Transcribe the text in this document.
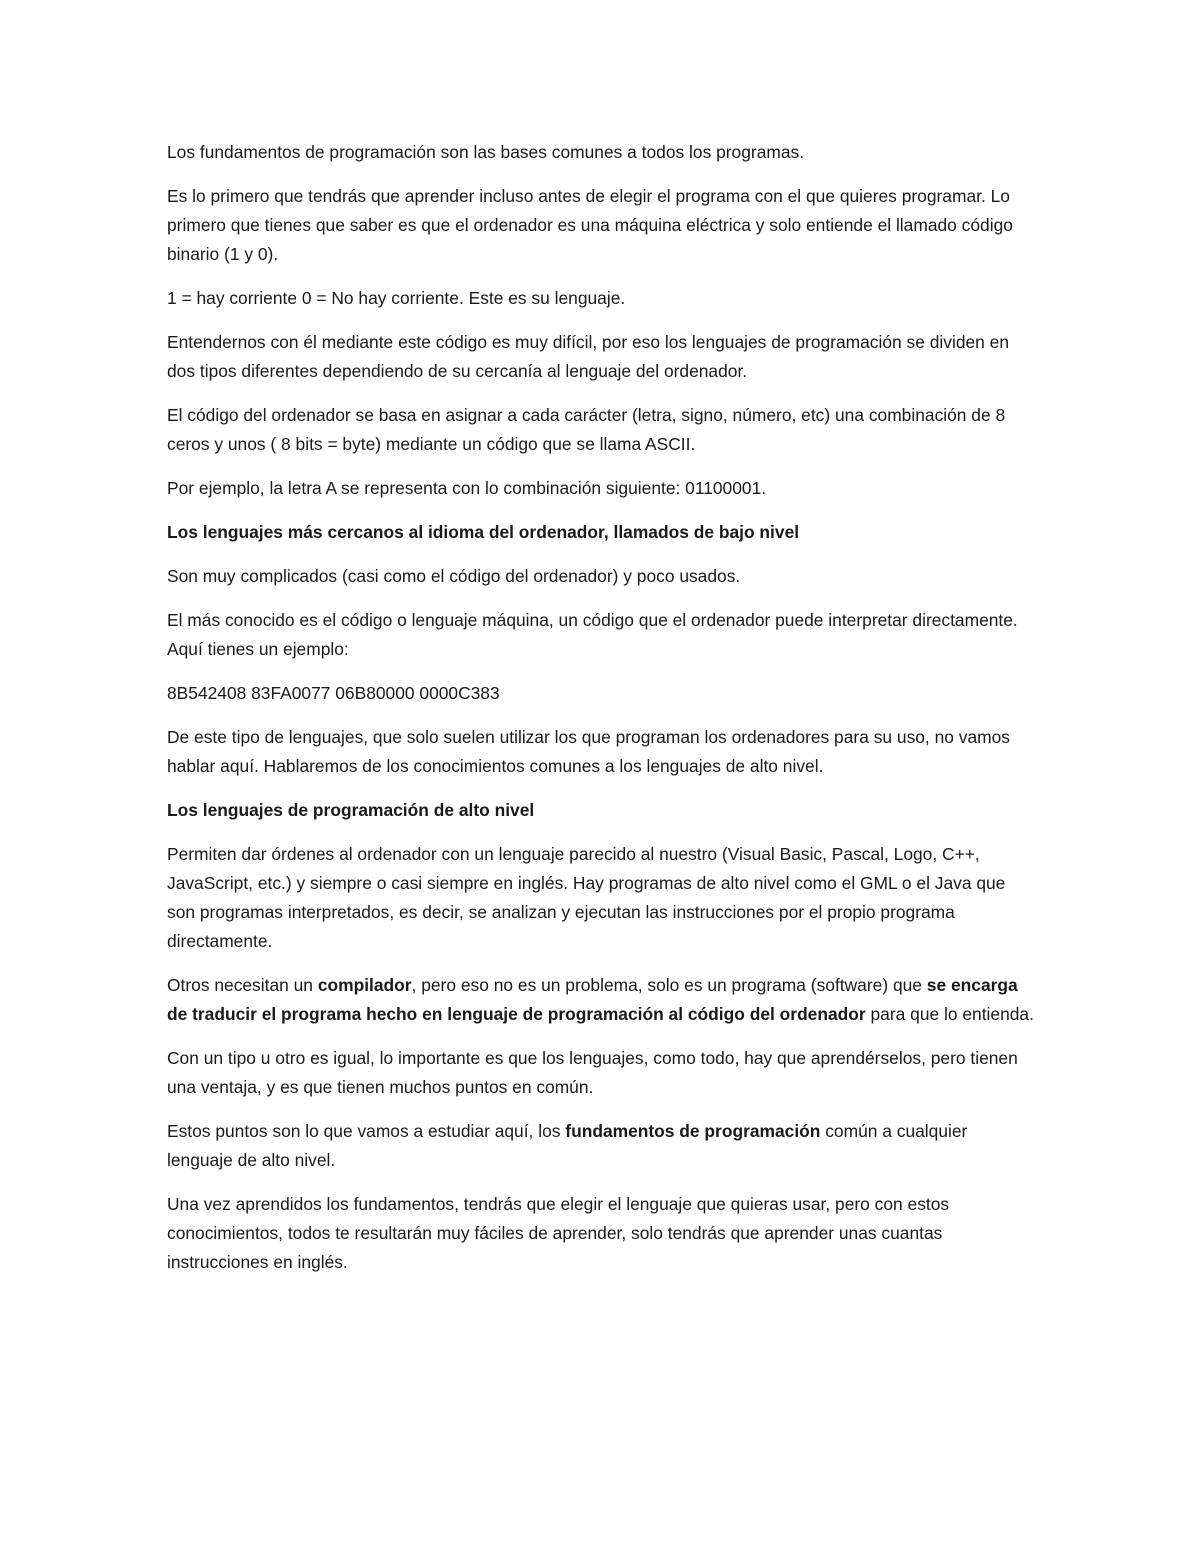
Los fundamentos de programación son las bases comunes a todos los programas.

Es lo primero que tendrás que aprender incluso antes de elegir el programa con el que quieres programar. Lo primero que tienes que saber es que el ordenador es una máquina eléctrica y solo entiende el llamado código binario (1 y 0).

1 = hay corriente 0 = No hay corriente. Este es su lenguaje.

Entendernos con él mediante este código es muy difícil, por eso los lenguajes de programación se dividen en dos tipos diferentes dependiendo de su cercanía al lenguaje del ordenador.

El código del ordenador se basa en asignar a cada carácter (letra, signo, número, etc) una combinación de 8 ceros y unos ( 8 bits = byte) mediante un código que se llama ASCII.

Por ejemplo, la letra A se representa con lo combinación siguiente: 01100001.

Los lenguajes más cercanos al idioma del ordenador, llamados de bajo nivel

Son muy complicados (casi como el código del ordenador) y poco usados.

El más conocido es el código o lenguaje máquina, un código que el ordenador puede interpretar directamente. Aquí tienes un ejemplo:

8B542408 83FA0077 06B80000 0000C383

De este tipo de lenguajes, que solo suelen utilizar los que programan los ordenadores para su uso, no vamos hablar aquí. Hablaremos de los conocimientos comunes a los lenguajes de alto nivel.

Los lenguajes de programación de alto nivel

Permiten dar órdenes al ordenador con un lenguaje parecido al nuestro (Visual Basic, Pascal, Logo, C++, JavaScript, etc.) y siempre o casi siempre en inglés. Hay programas de alto nivel como el GML o el Java que son programas interpretados, es decir, se analizan y ejecutan las instrucciones por el propio programa directamente.

Otros necesitan un compilador, pero eso no es un problema, solo es un programa (software) que se encarga de traducir el programa hecho en lenguaje de programación al código del ordenador para que lo entienda.

Con un tipo u otro es igual, lo importante es que los lenguajes, como todo, hay que aprendérselos, pero tienen una ventaja, y es que tienen muchos puntos en común.

Estos puntos son lo que vamos a estudiar aquí, los fundamentos de programación común a cualquier lenguaje de alto nivel.

Una vez aprendidos los fundamentos, tendrás que elegir el lenguaje que quieras usar, pero con estos conocimientos, todos te resultarán muy fáciles de aprender, solo tendrás que aprender unas cuantas instrucciones en inglés.
